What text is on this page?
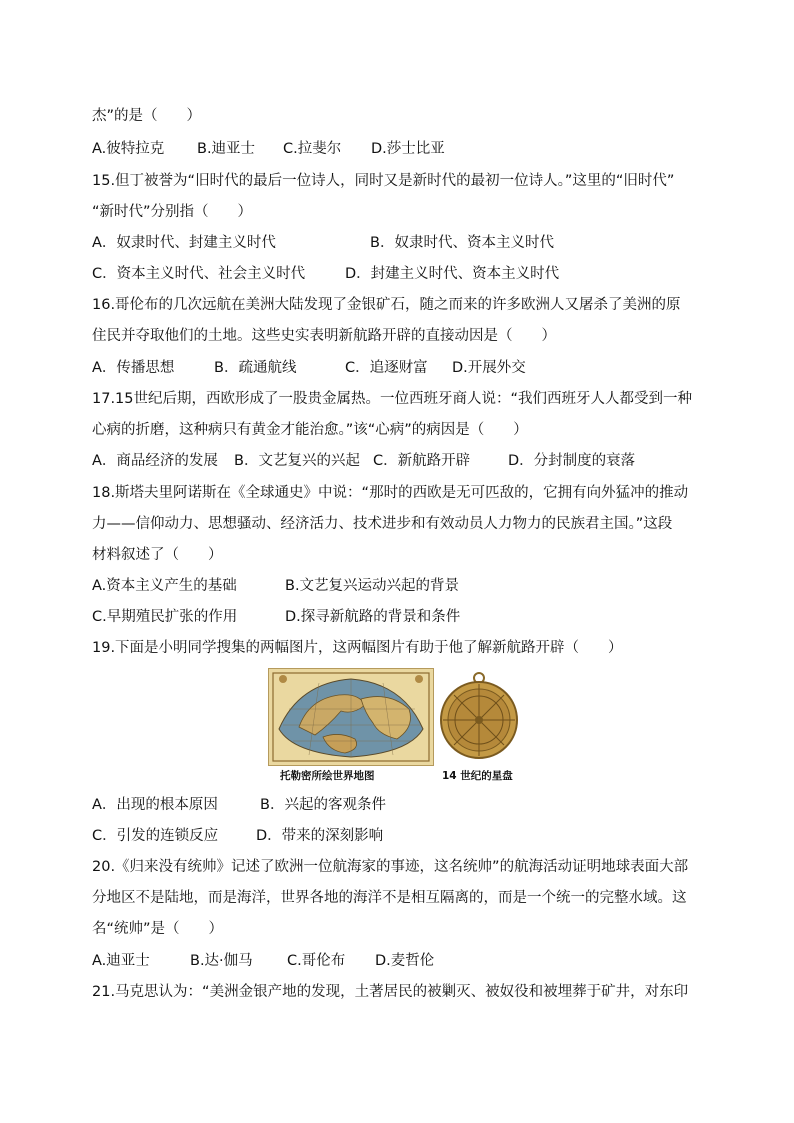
杰”的是（　　）
A.彼特拉克 B.迪亚士 C.拉斐尔 D.莎士比亚
15.但丁被誉为“旧时代的最后一位诗人，同时又是新时代的最初一位诗人。”这里的“旧时代”
“新时代”分别指（　　）
A．奴隶时代、封建主义时代	B．奴隶时代、资本主义时代
C．资本主义时代、社会主义时代	D．封建主义时代、资本主义时代
16.哥伦布的几次远航在美洲大陆发现了金银矿石，随之而来的许多欧洲人又屠杀了美洲的原
住民并夺取他们的土地。这些史实表明新航路开辟的直接动因是（　　）
A．传播思想	B．疏通航线	C．追逐财富 D.开展外交
17.15世纪后期，西欧形成了一股贵金属热。一位西班牙商人说：“我们西班牙人人都受到一种
心病的折磨，这种病只有黄金才能治愈。”该“心病”的病因是（　　）
A．商品经济的发展 B．文艺复兴的兴起 C．新航路开辟	D．分封制度的衰落
18.斯塔夫里阿诺斯在《全球通史》中说：“那时的西欧是无可匹敌的，它拥有向外猛冲的推动
力——信仰动力、思想骚动、经济活力、技术进步和有效动员人力物力的民族君主国。”这段
材料叙述了（　　）
A.资本主义产生的基础	B.文艺复兴运动兴起的背景
C.早期殖民扩张的作用	D.探寻新航路的背景和条件
19.下面是小明同学搜集的两幅图片，这两幅图片有助于他了解新航路开辟（　　）
托勒密所绘世界地图	14 世纪的星盘
A．出现的根本原因	B．兴起的客观条件
C．引发的连锁反应	D．带来的深刻影响
20.《归来没有统帅》记述了欧洲一位航海家的事迹，这名统帅”的航海活动证明地球表面大部
分地区不是陆地，而是海洋，世界各地的海洋不是相互隔离的，而是一个统一的完整水域。这
名“统帅”是（　　）
A.迪亚士	B.达·伽马 C.哥伦布 D.麦哲伦
21.马克思认为：“美洲金银产地的发现，土著居民的被剿灭、被奴役和被埋葬于矿井，对东印
